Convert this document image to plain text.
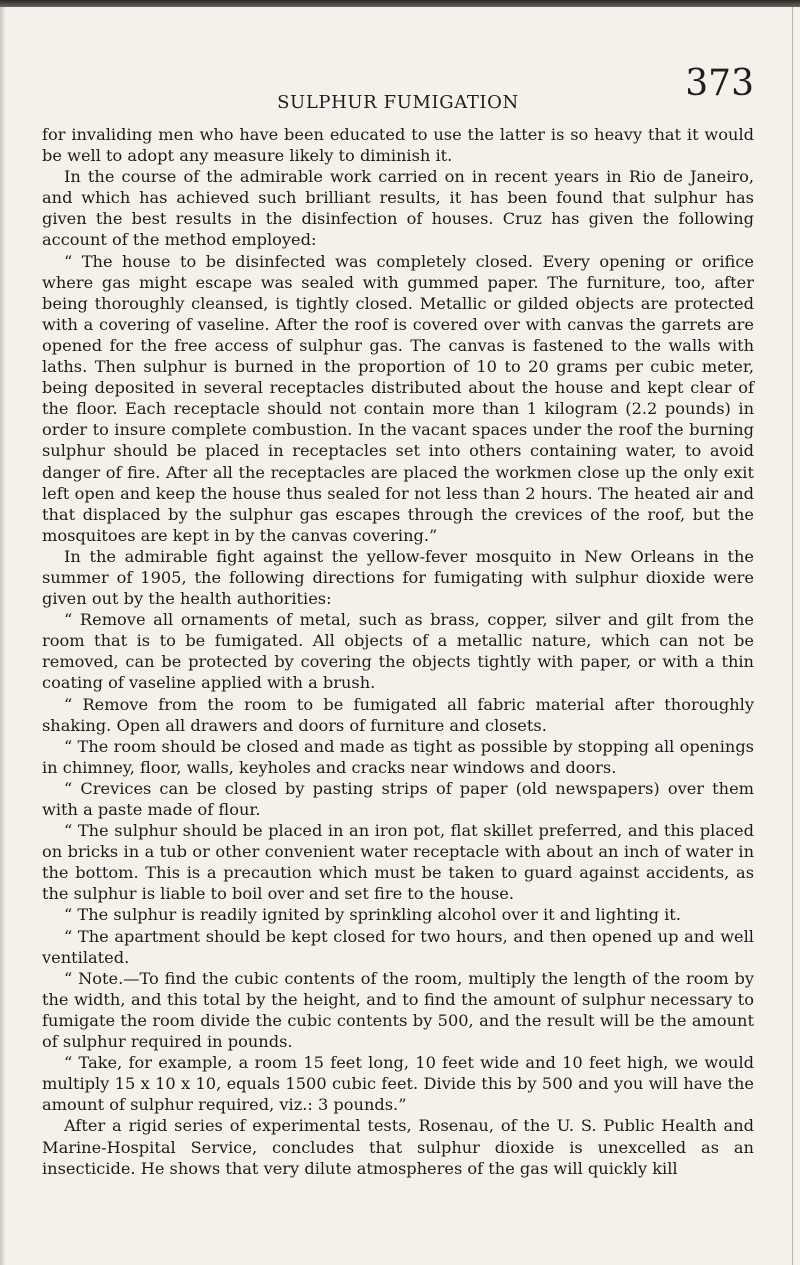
SULPHUR FUMIGATION	373

for invaliding men who have been educated to use the latter is so heavy that it would be well to adopt any measure likely to diminish it.

In the course of the admirable work carried on in recent years in Rio de Janeiro, and which has achieved such brilliant results, it has been found that sulphur has given the best results in the disinfection of houses. Cruz has given the following account of the method employed:

“ The house to be disinfected was completely closed. Every opening or orifice where gas might escape was sealed with gummed paper. The furniture, too, after being thoroughly cleansed, is tightly closed. Metallic or gilded objects are protected with a covering of vaseline. After the roof is covered over with canvas the garrets are opened for the free access of sulphur gas. The canvas is fastened to the walls with laths. Then sulphur is burned in the proportion of 10 to 20 grams per cubic meter, being deposited in several receptacles distributed about the house and kept clear of the floor. Each receptacle should not contain more than 1 kilogram (2.2 pounds) in order to insure complete combustion. In the vacant spaces under the roof the burning sulphur should be placed in receptacles set into others containing water, to avoid danger of fire. After all the receptacles are placed the workmen close up the only exit left open and keep the house thus sealed for not less than 2 hours. The heated air and that displaced by the sulphur gas escapes through the crevices of the roof, but the mosquitoes are kept in by the canvas covering.”

In the admirable fight against the yellow-fever mosquito in New Orleans in the summer of 1905, the following directions for fumigating with sulphur dioxide were given out by the health authorities:

“ Remove all ornaments of metal, such as brass, copper, silver and gilt from the room that is to be fumigated. All objects of a metallic nature, which can not be removed, can be protected by covering the objects tightly with paper, or with a thin coating of vaseline applied with a brush.

“ Remove from the room to be fumigated all fabric material after thoroughly shaking. Open all drawers and doors of furniture and closets.

“ The room should be closed and made as tight as possible by stopping all openings in chimney, floor, walls, keyholes and cracks near windows and doors.

“ Crevices can be closed by pasting strips of paper (old newspapers) over them with a paste made of flour.

“ The sulphur should be placed in an iron pot, flat skillet preferred, and this placed on bricks in a tub or other convenient water receptacle with about an inch of water in the bottom. This is a precaution which must be taken to guard against accidents, as the sulphur is liable to boil over and set fire to the house.

“ The sulphur is readily ignited by sprinkling alcohol over it and lighting it.

“ The apartment should be kept closed for two hours, and then opened up and well ventilated.

“ Note.—To find the cubic contents of the room, multiply the length of the room by the width, and this total by the height, and to find the amount of sulphur necessary to fumigate the room divide the cubic contents by 500, and the result will be the amount of sulphur required in pounds.

“ Take, for example, a room 15 feet long, 10 feet wide and 10 feet high, we would multiply 15 x 10 x 10, equals 1500 cubic feet. Divide this by 500 and you will have the amount of sulphur required, viz.: 3 pounds.”

After a rigid series of experimental tests, Rosenau, of the U. S. Public Health and Marine-Hospital Service, concludes that sulphur dioxide is unexcelled as an insecticide. He shows that very dilute atmospheres of the gas will quickly kill
